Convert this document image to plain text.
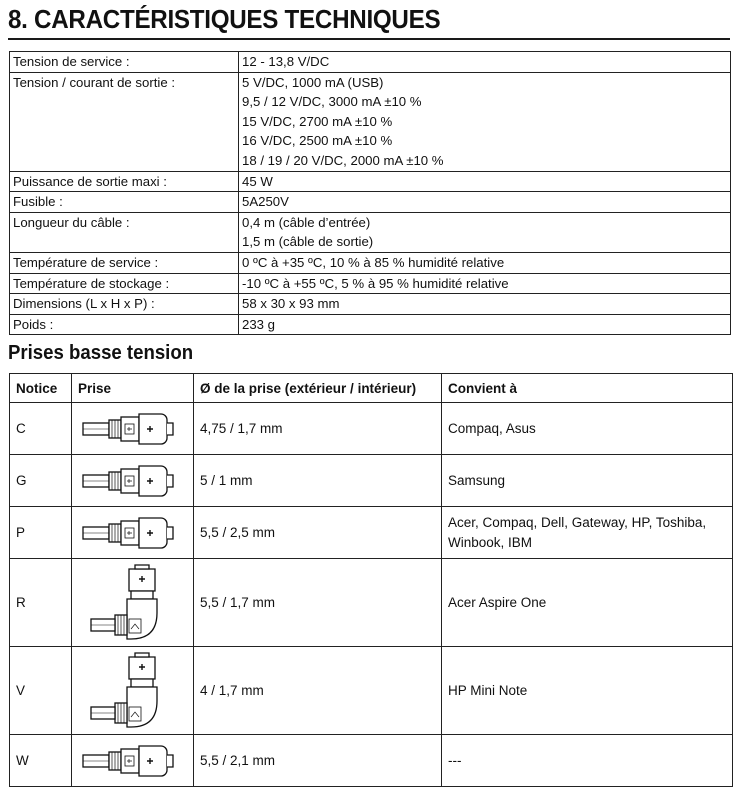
8. CARACTÉRISTIQUES TECHNIQUES
Tension de service :	12 - 13,8 V/DC

Tension / courant de sortie :	5 V/DC, 1000 mA (USB)
9,5 / 12 V/DC, 3000 mA ±10 %
15 V/DC, 2700 mA ±10 %
16 V/DC, 2500 mA ±10 %
18 / 19 / 20 V/DC, 2000 mA ±10 %

Puissance de sortie maxi :	45 W

Fusible :	5A250V

Longueur du câble :	0,4 m (câble d’entrée)
1,5 m (câble de sortie)

Température de service :	0 ºC à +35 ºC, 10 % à 85 % humidité relative

Température de stockage :	-10 ºC à +55 ºC, 5 % à 95 % humidité relative

Dimensions (L x H x P) :	58 x 30 x 93 mm

Poids :	233 g
Prises basse tension
Notice	Prise	Ø de la prise (extérieur / intérieur)	Convient à
C		4,75 / 1,7 mm	Compaq, Asus

G		5 / 1 mm	Samsung

P		5,5 / 2,5 mm	Acer, Compaq, Dell, Gateway, HP, Toshiba,
Winbook, IBM

R		5,5 / 1,7 mm	Acer Aspire One

V		4 / 1,7 mm	HP Mini Note

W		5,5 / 2,1 mm	---
